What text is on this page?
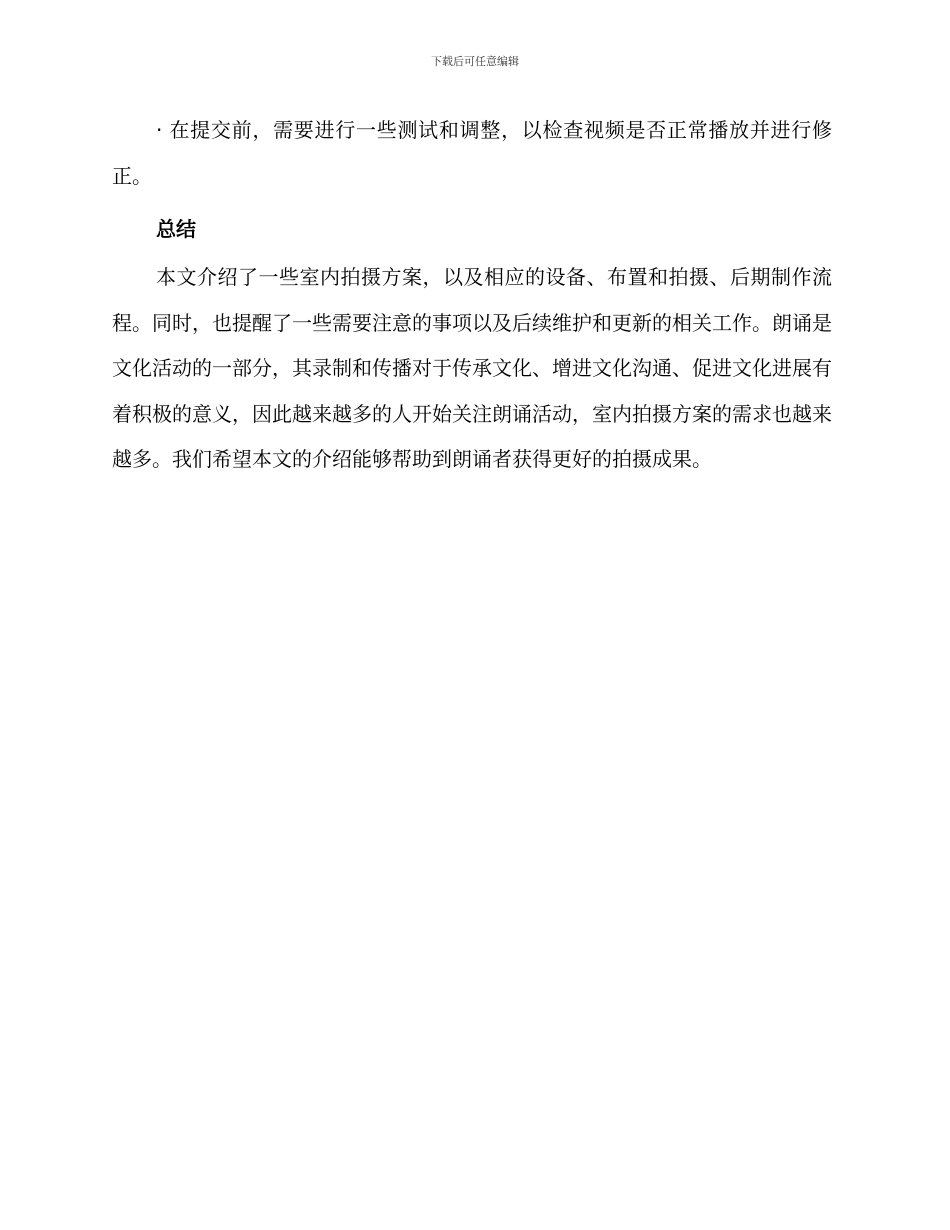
下载后可任意编辑

· 在提交前，需要进行一些测试和调整，以检查视频是否正常播放并进行修正。

总结

本文介绍了一些室内拍摄方案，以及相应的设备、布置和拍摄、后期制作流程。同时，也提醒了一些需要注意的事项以及后续维护和更新的相关工作。朗诵是文化活动的一部分，其录制和传播对于传承文化、增进文化沟通、促进文化进展有着积极的意义，因此越来越多的人开始关注朗诵活动，室内拍摄方案的需求也越来越多。我们希望本文的介绍能够帮助到朗诵者获得更好的拍摄成果。
